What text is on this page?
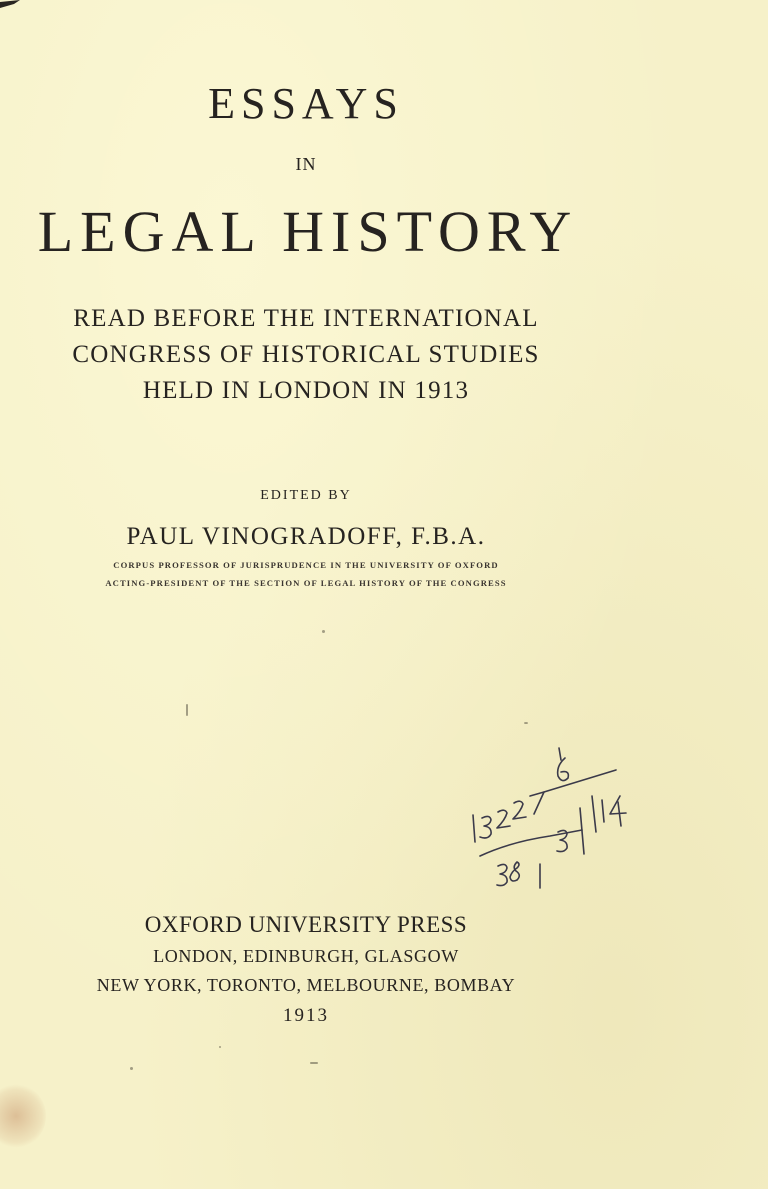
ESSAYS
IN
LEGAL HISTORY
READ BEFORE THE INTERNATIONAL
CONGRESS OF HISTORICAL STUDIES
HELD IN LONDON IN 1913
EDITED BY
PAUL VINOGRADOFF, F.B.A.
CORPUS PROFESSOR OF JURISPRUDENCE IN THE UNIVERSITY OF OXFORD
ACTING-PRESIDENT OF THE SECTION OF LEGAL HISTORY OF THE CONGRESS
OXFORD UNIVERSITY PRESS
LONDON, EDINBURGH, GLASGOW
NEW YORK, TORONTO, MELBOURNE, BOMBAY
1913
